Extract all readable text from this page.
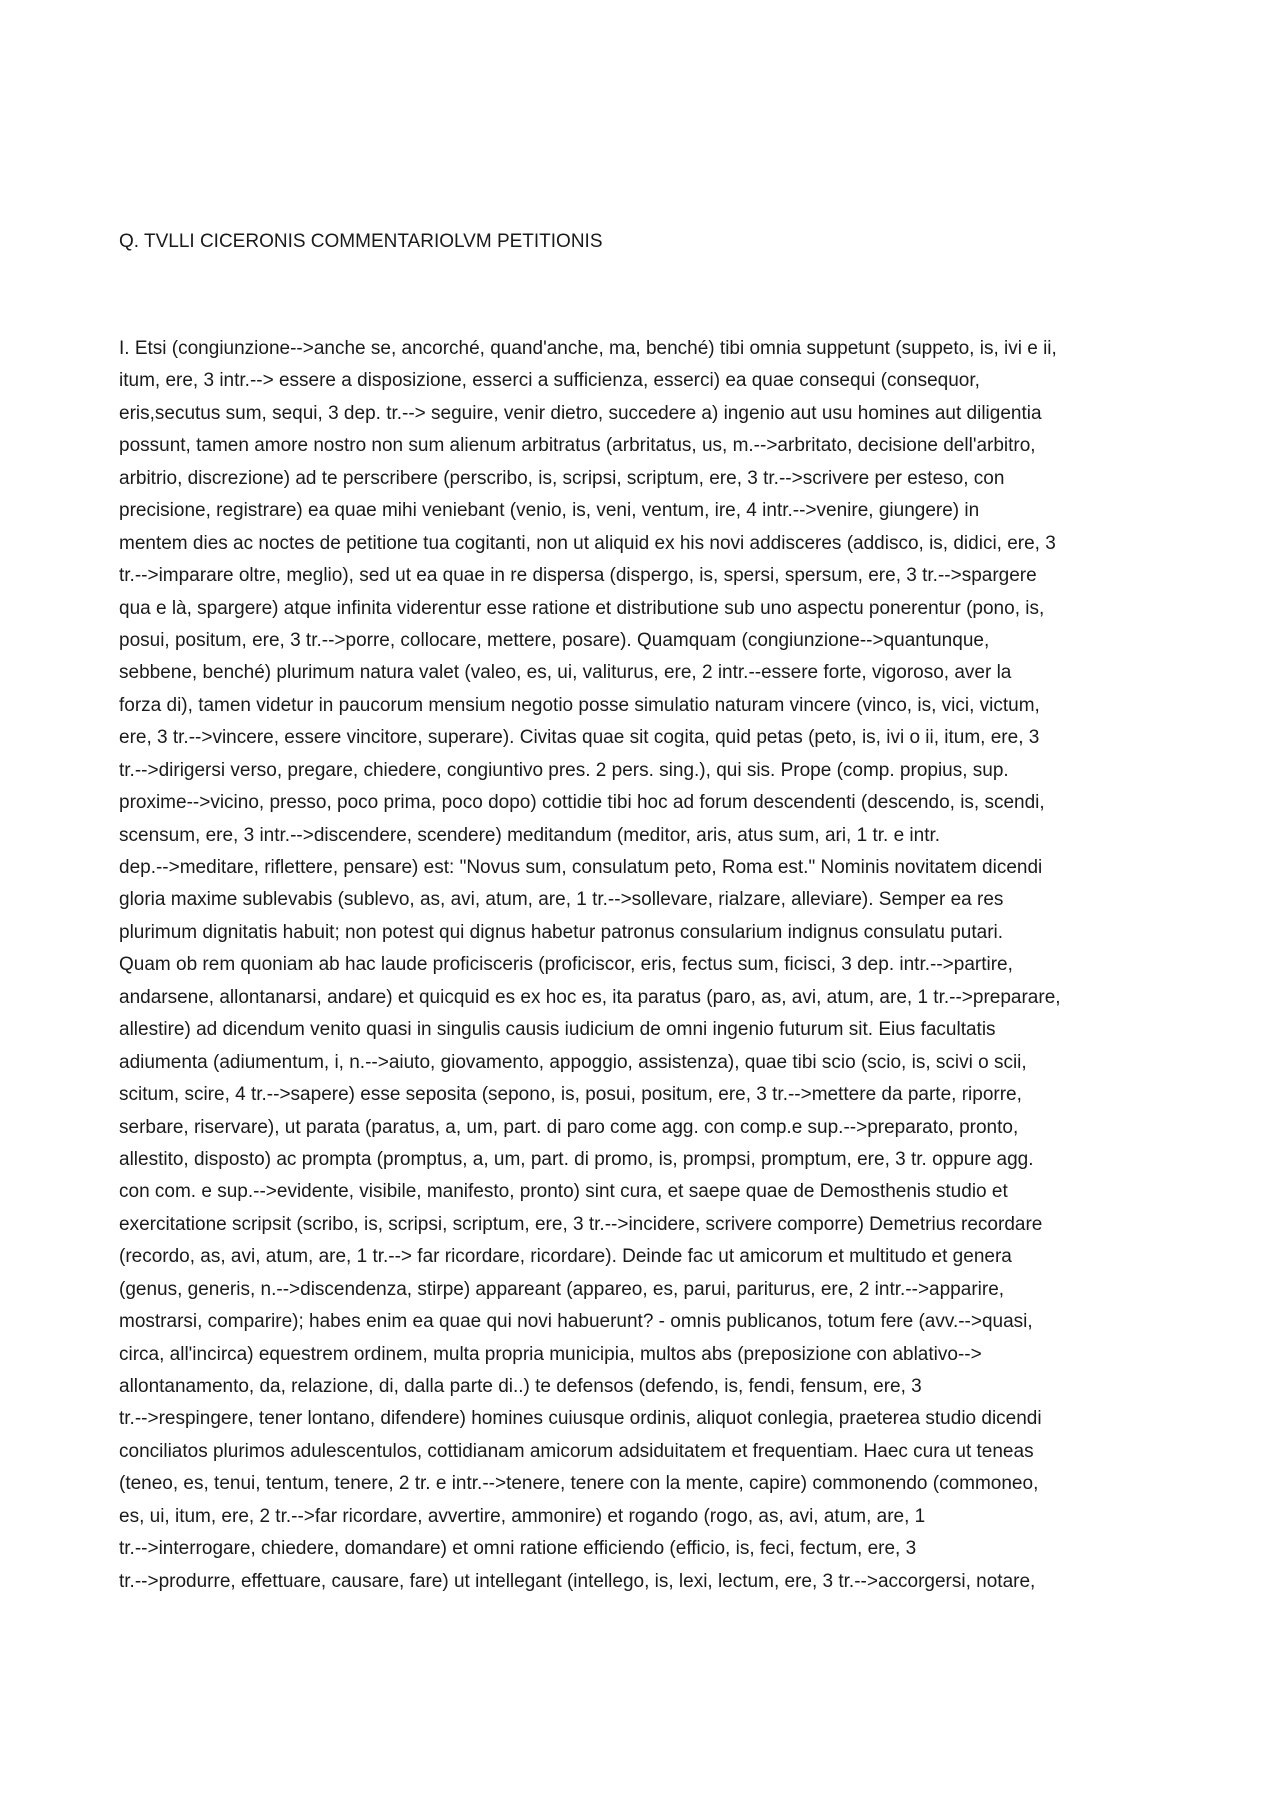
Q. TVLLI CICERONIS COMMENTARIOLVM PETITIONIS
I. Etsi (congiunzione-->anche se, ancorché, quand'anche, ma, benché) tibi omnia suppetunt (suppeto, is, ivi e ii,
itum, ere, 3 intr.--> essere a disposizione, esserci a sufficienza, esserci) ea quae consequi (consequor,
eris,secutus sum, sequi, 3 dep. tr.--> seguire, venir dietro, succedere a) ingenio aut usu homines aut diligentia
possunt, tamen amore nostro non sum alienum arbitratus (arbritatus, us, m.-->arbritato, decisione dell'arbitro,
arbitrio, discrezione) ad te perscribere (perscribo, is, scripsi, scriptum, ere, 3 tr.-->scrivere per esteso, con
precisione, registrare) ea quae mihi veniebant (venio, is, veni, ventum, ire, 4 intr.-->venire, giungere) in
mentem dies ac noctes de petitione tua cogitanti, non ut aliquid ex his novi addisceres (addisco, is, didici, ere, 3
tr.-->imparare oltre, meglio), sed ut ea quae in re dispersa (dispergo, is, spersi, spersum, ere, 3 tr.-->spargere
qua e là, spargere) atque infinita viderentur esse ratione et distributione sub uno aspectu ponerentur (pono, is,
posui, positum, ere, 3 tr.-->porre, collocare, mettere, posare). Quamquam (congiunzione-->quantunque,
sebbene, benché) plurimum natura valet (valeo, es, ui, valiturus, ere, 2 intr.--essere forte, vigoroso, aver la
forza di), tamen videtur in paucorum mensium negotio posse simulatio naturam vincere (vinco, is, vici, victum,
ere, 3 tr.-->vincere, essere vincitore, superare). Civitas quae sit cogita, quid petas (peto, is, ivi o ii, itum, ere, 3
tr.-->dirigersi verso, pregare, chiedere, congiuntivo pres. 2 pers. sing.), qui sis. Prope (comp. propius, sup.
proxime-->vicino, presso, poco prima, poco dopo) cottidie tibi hoc ad forum descendenti (descendo, is, scendi,
scensum, ere, 3 intr.-->discendere, scendere) meditandum (meditor, aris, atus sum, ari, 1 tr. e intr.
dep.-->meditare, riflettere, pensare) est: "Novus sum, consulatum peto, Roma est." Nominis novitatem dicendi
gloria maxime sublevabis (sublevo, as, avi, atum, are, 1 tr.-->sollevare, rialzare, alleviare). Semper ea res
plurimum dignitatis habuit; non potest qui dignus habetur patronus consularium indignus consulatu putari.
Quam ob rem quoniam ab hac laude proficisceris (proficiscor, eris, fectus sum, ficisci, 3 dep. intr.-->partire,
andarsene, allontanarsi, andare) et quicquid es ex hoc es, ita paratus (paro, as, avi, atum, are, 1 tr.-->preparare,
allestire) ad dicendum venito quasi in singulis causis iudicium de omni ingenio futurum sit. Eius facultatis
adiumenta (adiumentum, i, n.-->aiuto, giovamento, appoggio, assistenza), quae tibi scio (scio, is, scivi o scii,
scitum, scire, 4 tr.-->sapere) esse seposita (sepono, is, posui, positum, ere, 3 tr.-->mettere da parte, riporre,
serbare, riservare), ut parata (paratus, a, um, part. di paro come agg. con comp.e sup.-->preparato, pronto,
allestito, disposto) ac prompta (promptus, a, um, part. di promo, is, prompsi, promptum, ere, 3 tr. oppure agg.
con com. e sup.-->evidente, visibile, manifesto, pronto) sint cura, et saepe quae de Demosthenis studio et
exercitatione scripsit (scribo, is, scripsi, scriptum, ere, 3 tr.-->incidere, scrivere comporre) Demetrius recordare
(recordo, as, avi, atum, are, 1 tr.--> far ricordare, ricordare). Deinde fac ut amicorum et multitudo et genera
(genus, generis, n.-->discendenza, stirpe) appareant (appareo, es, parui, pariturus, ere, 2 intr.-->apparire,
mostrarsi, comparire); habes enim ea quae qui novi habuerunt? - omnis publicanos, totum fere (avv.-->quasi,
circa, all'incirca) equestrem ordinem, multa propria municipia, multos abs (preposizione con ablativo-->
allontanamento, da, relazione, di, dalla parte di..) te defensos (defendo, is, fendi, fensum, ere, 3
tr.-->respingere, tener lontano, difendere) homines cuiusque ordinis, aliquot conlegia, praeterea studio dicendi
conciliatos plurimos adulescentulos, cottidianam amicorum adsiduitatem et frequentiam. Haec cura ut teneas
(teneo, es, tenui, tentum, tenere, 2 tr. e intr.-->tenere, tenere con la mente, capire) commonendo (commoneo,
es, ui, itum, ere, 2 tr.-->far ricordare, avvertire, ammonire) et rogando (rogo, as, avi, atum, are, 1
tr.-->interrogare, chiedere, domandare) et omni ratione efficiendo (efficio, is, feci, fectum, ere, 3
tr.-->produrre, effettuare, causare, fare) ut intellegant (intellego, is, lexi, lectum, ere, 3 tr.-->accorgersi, notare,
